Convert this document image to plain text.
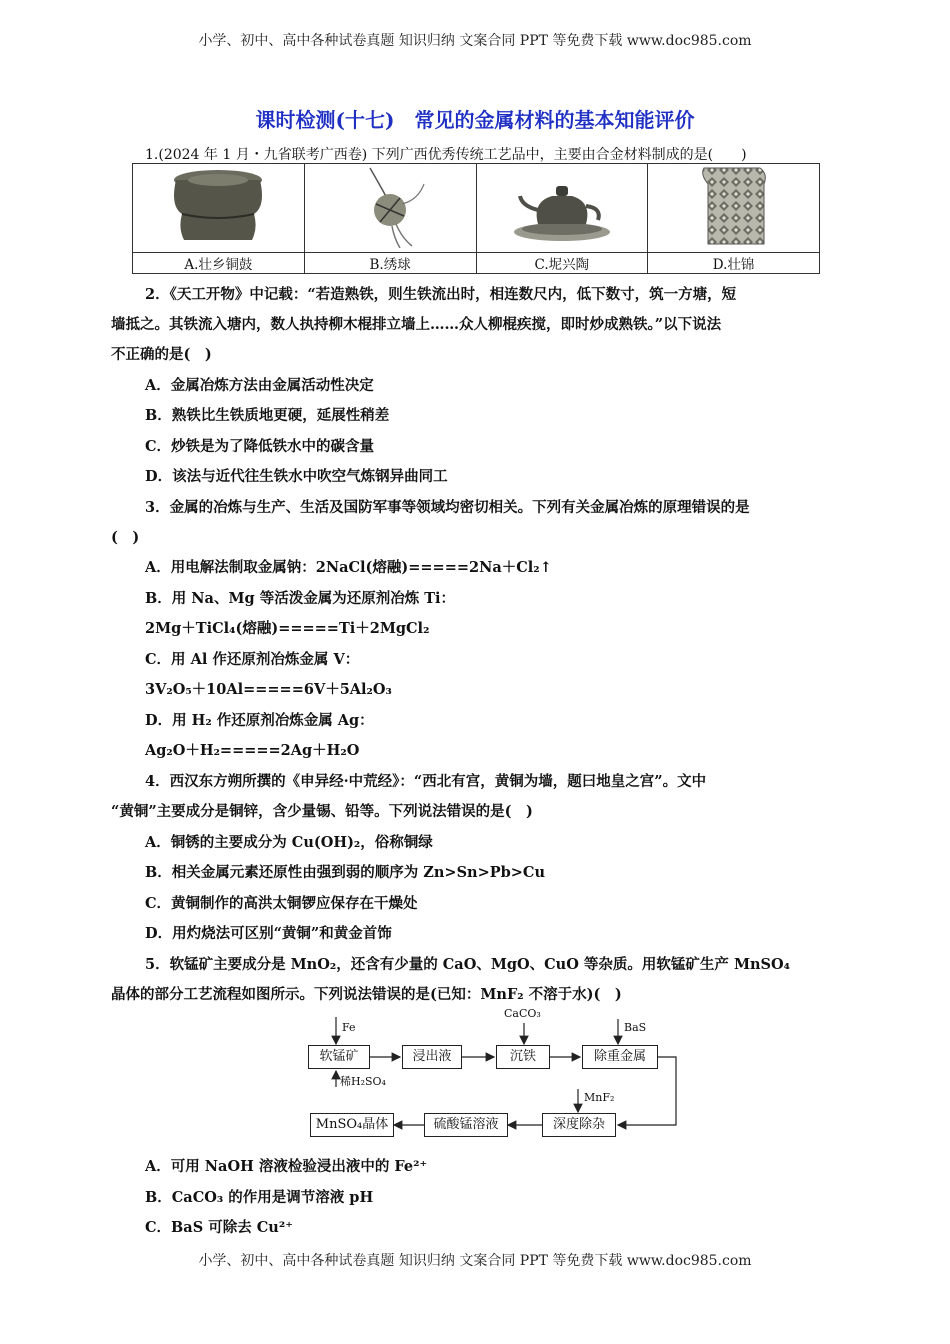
小学、初中、高中各种试卷真题 知识归纳 文案合同 PPT 等免费下载 www.doc985.com
课时检测(十七)　常见的金属材料的基本知能评价
1.(2024 年 1 月・九省联考广西卷) 下列广西优秀传统工艺品中，主要由合金材料制成的是(　　)

A.壮乡铜鼓	B.绣球	C.坭兴陶	D.壮锦
2．《天工开物》中记载：“若造熟铁，则生铁流出时，相连数尺内，低下数寸，筑一方塘，短
墙抵之。其铁流入塘内，数人执持柳木棍排立墙上……众人柳棍疾搅，即时炒成熟铁。”以下说法
不正确的是(　)
A．金属冶炼方法由金属活动性决定
B．熟铁比生铁质地更硬，延展性稍差
C．炒铁是为了降低铁水中的碳含量
D．该法与近代往生铁水中吹空气炼钢异曲同工
3．金属的冶炼与生产、生活及国防军事等领域均密切相关。下列有关金属冶炼的原理错误的是
(　)
A．用电解法制取金属钠：2NaCl(熔融)=====2Na＋Cl₂↑
B．用 Na、Mg 等活泼金属为还原剂冶炼 Ti：
2Mg＋TiCl₄(熔融)=====Ti＋2MgCl₂
C．用 Al 作还原剂冶炼金属 V：
3V₂O₅＋10Al=====6V＋5Al₂O₃
D．用 H₂ 作还原剂冶炼金属 Ag：
Ag₂O＋H₂=====2Ag＋H₂O
4．西汉东方朔所撰的《申异经·中荒经》：“西北有宫，黄铜为墙，题曰地皇之宫”。文中
“黄铜”主要成分是铜锌，含少量锡、铅等。下列说法错误的是(　)
A．铜锈的主要成分为 Cu(OH)₂，俗称铜绿
B．相关金属元素还原性由强到弱的顺序为 Zn>Sn>Pb>Cu
C．黄铜制作的高洪太铜锣应保存在干燥处
D．用灼烧法可区别“黄铜”和黄金首饰
5．软锰矿主要成分是 MnO₂，还含有少量的 CaO、MgO、CuO 等杂质。用软锰矿生产 MnSO₄
晶体的部分工艺流程如图所示。下列说法错误的是(已知：MnF₂ 不溶于水)(　)
软锰矿	浸出液	沉铁	除重金属
深度除杂
硫酸锰溶液
MnSO₄晶体
Fe
稀H₂SO₄
CaCO₃
BaS
MnF₂
A．可用 NaOH 溶液检验浸出液中的 Fe²⁺
B．CaCO₃ 的作用是调节溶液 pH
C．BaS 可除去 Cu²⁺
小学、初中、高中各种试卷真题 知识归纳 文案合同 PPT 等免费下载 www.doc985.com
